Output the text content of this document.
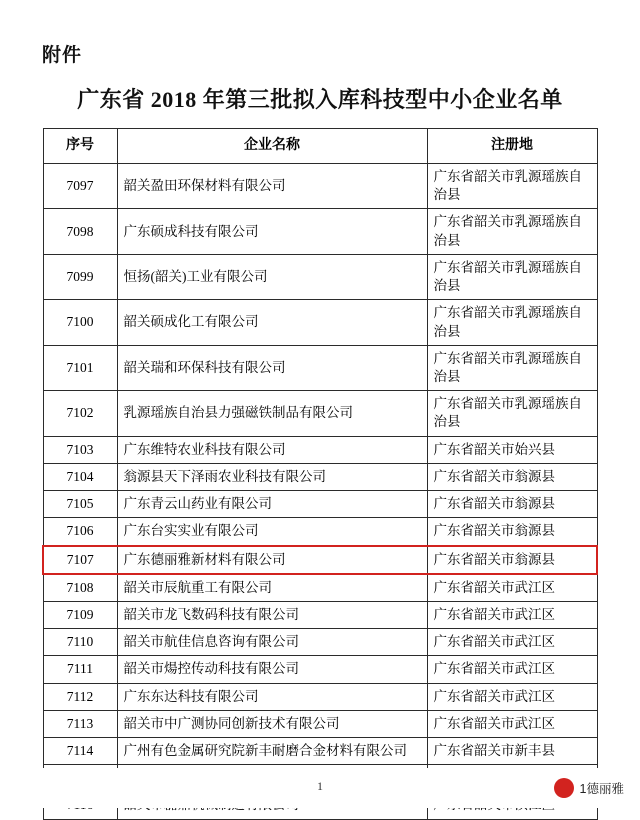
附件
广东省 2018 年第三批拟入库科技型中小企业名单
序号	企业名称	注册地
7097	韶关盈田环保材料有限公司	广东省韶关市乳源瑶族自治县
7098	广东硕成科技有限公司	广东省韶关市乳源瑶族自治县
7099	恒扬(韶关)工业有限公司	广东省韶关市乳源瑶族自治县
7100	韶关硕成化工有限公司	广东省韶关市乳源瑶族自治县
7101	韶关瑞和环保科技有限公司	广东省韶关市乳源瑶族自治县
7102	乳源瑶族自治县力强磁铁制品有限公司	广东省韶关市乳源瑶族自治县
7103	广东维特农业科技有限公司	广东省韶关市始兴县
7104	翁源县天下泽雨农业科技有限公司	广东省韶关市翁源县
7105	广东青云山药业有限公司	广东省韶关市翁源县
7106	广东台实实业有限公司	广东省韶关市翁源县
7107	广东德丽雅新材料有限公司	广东省韶关市翁源县
7108	韶关市辰航重工有限公司	广东省韶关市武江区
7109	韶关市龙飞数码科技有限公司	广东省韶关市武江区
7110	韶关市航佳信息咨询有限公司	广东省韶关市武江区
7111	韶关市煬控传动科技有限公司	广东省韶关市武江区
7112	广东东达科技有限公司	广东省韶关市武江区
7113	韶关市中广测协同创新技术有限公司	广东省韶关市武江区
7114	广州有色金属研究院新丰耐磨合金材料有限公司	广东省韶关市新丰县

1	1德丽雅
